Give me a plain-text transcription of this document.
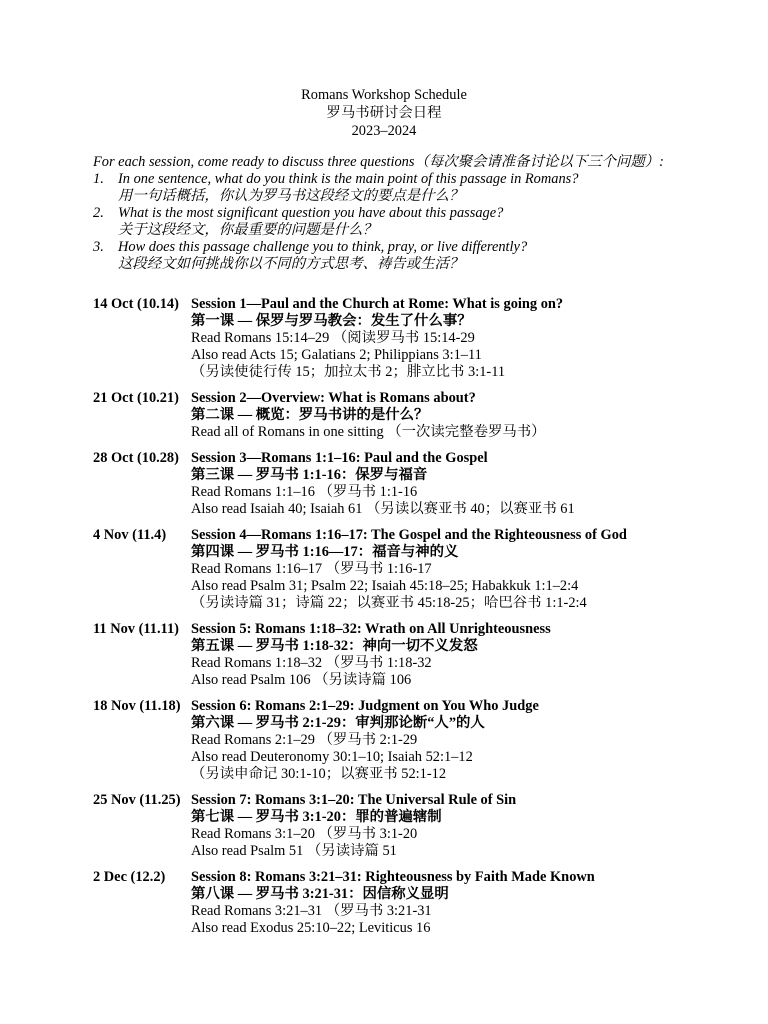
Romans Workshop Schedule
罗马书研讨会日程
2023–2024
For each session, come ready to discuss three questions（每次聚会请准备讨论以下三个问题）:
1. In one sentence, what do you think is the main point of this passage in Romans?
用一句话概括，你认为罗马书这段经文的要点是什么？
2. What is the most significant question you have about this passage?
关于这段经文，你最重要的问题是什么？
3. How does this passage challenge you to think, pray, or live differently?
这段经文如何挑战你以不同的方式思考、祷告或生活？
14 Oct (10.14) Session 1—Paul and the Church at Rome: What is going on?
第一课 — 保罗与罗马教会：发生了什么事？
Read Romans 15:14–29 （阅读罗马书 15:14-29
Also read Acts 15; Galatians 2; Philippians 3:1–11
（另读使徒行传 15；加拉太书 2；腓立比书 3:1-11
21 Oct (10.21) Session 2—Overview: What is Romans about?
第二课 — 概览：罗马书讲的是什么？
Read all of Romans in one sitting （一次读完整卷罗马书）
28 Oct (10.28) Session 3—Romans 1:1–16: Paul and the Gospel
第三课 — 罗马书 1:1-16：保罗与福音
Read Romans 1:1–16 （罗马书 1:1-16
Also read Isaiah 40; Isaiah 61 （另读以赛亚书 40；以赛亚书 61
4 Nov (11.4)	Session 4—Romans 1:16–17: The Gospel and the Righteousness of God
第四课 — 罗马书 1:16—17：福音与神的义
Read Romans 1:16–17 （罗马书 1:16-17
Also read Psalm 31; Psalm 22; Isaiah 45:18–25; Habakkuk 1:1–2:4
（另读诗篇 31；诗篇 22；以赛亚书 45:18-25；哈巴谷书 1:1-2:4
11 Nov (11.11) Session 5: Romans 1:18–32: Wrath on All Unrighteousness
第五课 — 罗马书 1:18-32：神向一切不义发怒
Read Romans 1:18–32 （罗马书 1:18-32
Also read Psalm 106 （另读诗篇 106
18 Nov (11.18) Session 6: Romans 2:1–29: Judgment on You Who Judge
第六课 — 罗马书 2:1-29：审判那论断“人”的人
Read Romans 2:1–29 （罗马书 2:1-29
Also read Deuteronomy 30:1–10; Isaiah 52:1–12
（另读申命记 30:1-10；以赛亚书 52:1-12
25 Nov (11.25) Session 7: Romans 3:1–20: The Universal Rule of Sin
第七课 — 罗马书 3:1-20：罪的普遍辖制
Read Romans 3:1–20 （罗马书 3:1-20
Also read Psalm 51 （另读诗篇 51
2 Dec (12.2)	Session 8: Romans 3:21–31: Righteousness by Faith Made Known
第八课 — 罗马书 3:21-31：因信称义显明
Read Romans 3:21–31 （罗马书 3:21-31
Also read Exodus 25:10–22; Leviticus 16
